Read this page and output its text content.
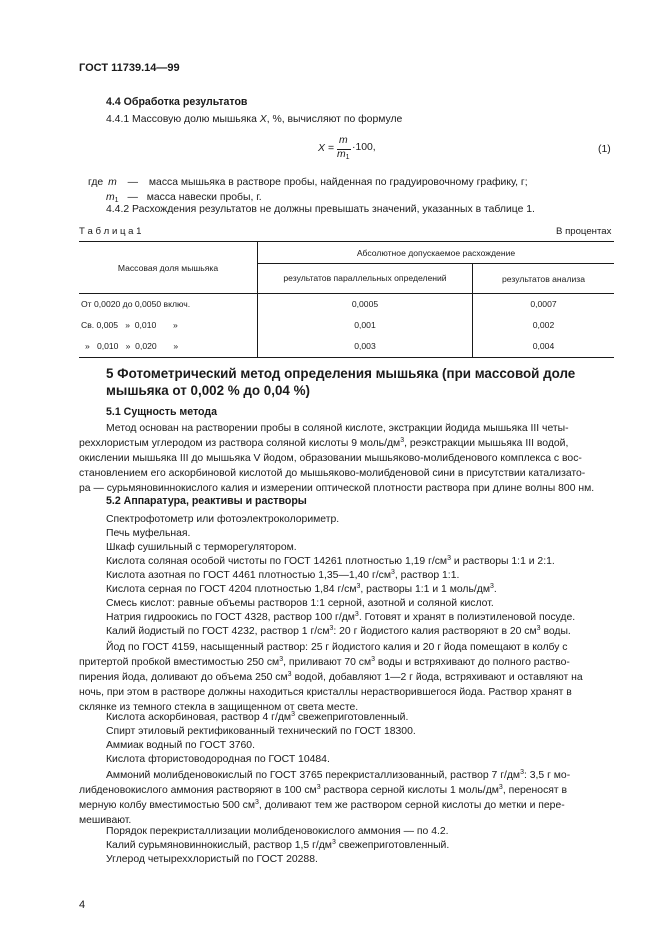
ГОСТ 11739.14—99
4.4 Обработка результатов
4.4.1 Массовую долю мышьяка X, %, вычисляют по формуле
X =
m
$m_1$
·100,	(1)
где m — масса мышьяка в растворе пробы, найденная по градуировочному графику, г;
$m_1$ — масса навески пробы, г.
4.4.2 Расхождения результатов не должны превышать значений, указанных в таблице 1.
Т а б л и ц а 1	В процентах
Массовая доля мышьяка	Абсолютное допускаемое расхождение	
	результатов параллельных определений	результатов анализа
От 0,0020 до 0,0050 включ.	0,0005	0,0007
Св. 0,005   »  0,010       »	0,001	0,002
»   0,010   »  0,020       »	0,003	0,004
5 Фотометрический метод определения мышьяка (при массовой доле
мышьяка от 0,002 % до 0,04 %)
5.1 Сущность метода
Метод основан на растворении пробы в соляной кислоте, экстракции йодида мышьяка III четы-
реххлористым углеродом из раствора соляной кислоты 9 моль/$дм^3$, реэкстракции мышьяка III водой,
окислении мышьяка III до мышьяка V йодом, образовании мышьяково-молибденового комплекса с вос-
становлением его аскорбиновой кислотой до мышьяково-молибденовой сини в присутствии катализато-
ра — сурьмяновиннокислого калия и измерении оптической плотности раствора при длине волны 800 нм.
5.2 Аппаратура, реактивы и растворы
Спектрофотометр или фотоэлектроколориметр.
Печь муфельная.
Шкаф сушильный с терморегулятором.
Кислота соляная особой чистоты по ГОСТ 14261 плотностью 1,19 $г/см^3$ и растворы 1:1 и 2:1.
Кислота азотная по ГОСТ 4461 плотностью 1,35—1,40 $г/см^3$, раствор 1:1.
Кислота серная по ГОСТ 4204 плотностью 1,84 $г/см^3$, растворы 1:1 и 1 моль/$дм^3$.
Смесь кислот: равные объемы растворов 1:1 серной, азотной и соляной кислот.
Натрия гидроокись по ГОСТ 4328, раствор 100 $г/дм^3$. Готовят и хранят в полиэтиленовой посуде.
Калий йодистый по ГОСТ 4232, раствор 1 $г/см^3$: 20 г йодистого калия растворяют в 20 $см^3$ воды.
Йод по ГОСТ 4159, насыщенный раствор: 25 г йодистого калия и 20 г йода помещают в колбу с
притертой пробкой вместимостью 250 $см^3$, приливают 70 $см^3$ воды и встряхивают до полного раство-
пирения йода, доливают до объема 250 $см^3$ водой, добавляют 1—2 г йода, встряхивают и оставляют на
ночь, при этом в растворе должны находиться кристаллы нерастворившегося йода. Раствор хранят в
склянке из темного стекла в защищенном от света месте.
Кислота аскорбиновая, раствор 4 $г/дм^3$ свежеприготовленный.
Спирт этиловый ректификованный технический по ГОСТ 18300.
Аммиак водный по ГОСТ 3760.
Кислота фтористоводородная по ГОСТ 10484.
Аммоний молибденовокислый по ГОСТ 3765 перекристаллизованный, раствор 7 $г/дм^3$: 3,5 г мо-
либденовокислого аммония растворяют в 100 $см^3$ раствора серной кислоты 1 моль/$дм^3$, переносят в
мерную колбу вместимостью 500 $см^3$, доливают тем же раствором серной кислоты до метки и пере-
мешивают.
Порядок перекристаллизации молибденовокислого аммония — по 4.2.
Калий сурьмяновиннокислый, раствор 1,5 $г/дм^3$ свежеприготовленный.
Углерод четыреххлористый по ГОСТ 20288.
4
